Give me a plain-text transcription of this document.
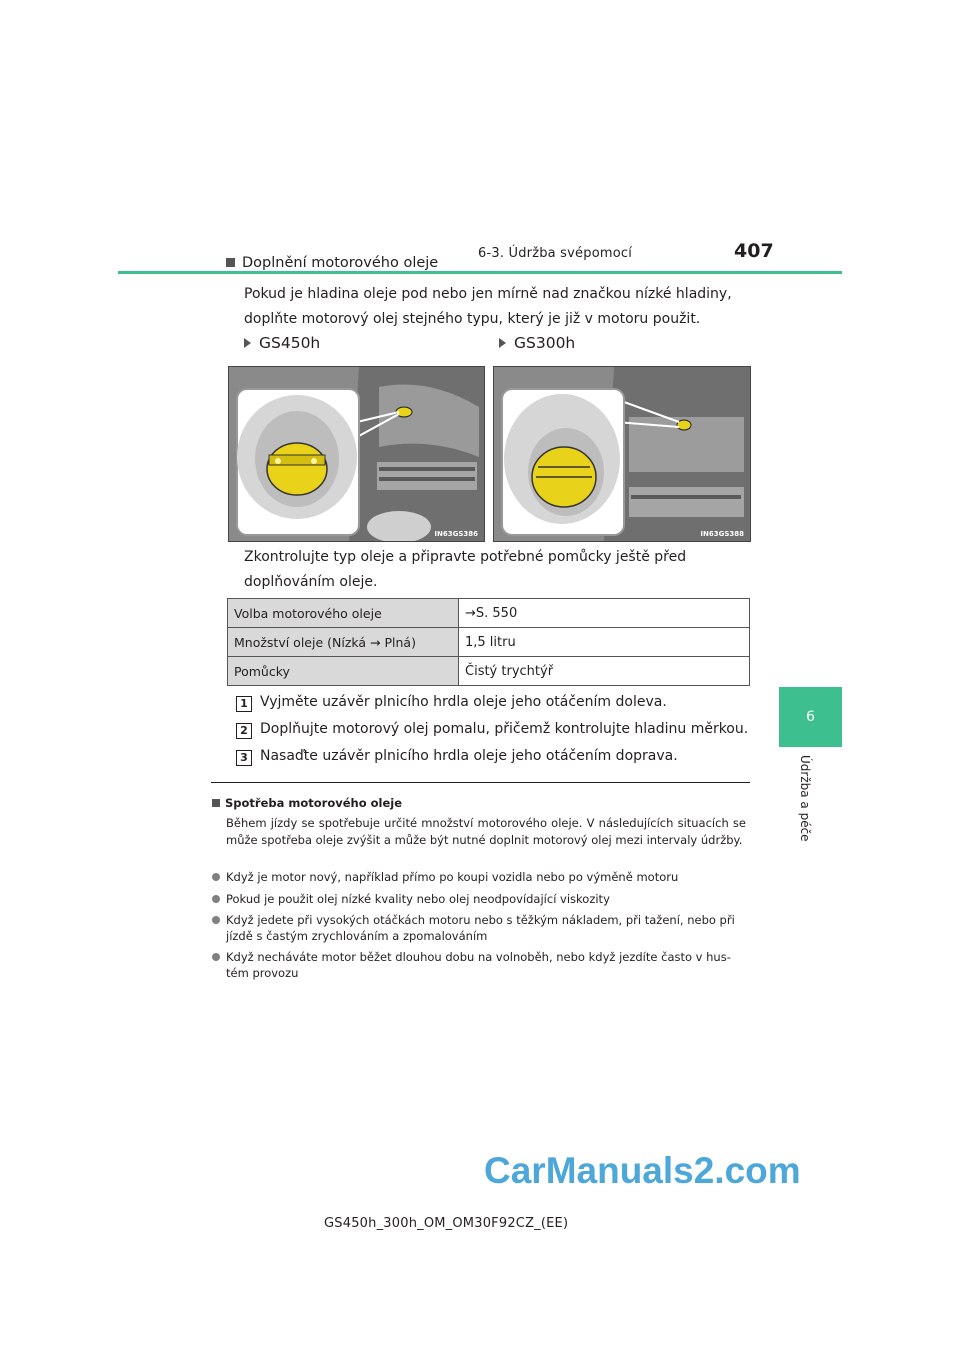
6-3. Údržba svépomocí	407
6
Údržba a péče
Doplnění motorového oleje
Pokud je hladina oleje pod nebo jen mírně nad značkou nízké hladiny, doplňte motorový olej stejného typu, který je již v motoru použit.
GS450h	GS300h
IN63GS386	IN63GS388
Zkontrolujte typ oleje a připravte potřebné pomůcky ještě před doplňováním oleje.
Volba motorového oleje	→S. 550
Množství oleje (Nízká → Plná)	1,5 litru
Pomůcky	Čistý trychtýř
1 Vyjměte uzávěr plnicího hrdla oleje jeho otáčením doleva.
2 Doplňujte motorový olej pomalu, přičemž kontrolujte hladinu měrkou.
3 Nasaďte uzávěr plnicího hrdla oleje jeho otáčením doprava.
Spotřeba motorového oleje
Během jízdy se spotřebuje určité množství motorového oleje. V následujících situacích se může spotřeba oleje zvýšit a může být nutné doplnit motorový olej mezi intervaly údržby.
Když je motor nový, například přímo po koupi vozidla nebo po výměně motoru
Pokud je použit olej nízké kvality nebo olej neodpovídající viskozity
Když jedete při vysokých otáčkách motoru nebo s těžkým nákladem, při tažení, nebo při jízdě s častým zrychlováním a zpomalováním
Když necháváte motor běžet dlouhou dobu na volnoběh, nebo když jezdíte často v hus-tém provozu
CarManuals2.com
GS450h_300h_OM_OM30F92CZ_(EE)
